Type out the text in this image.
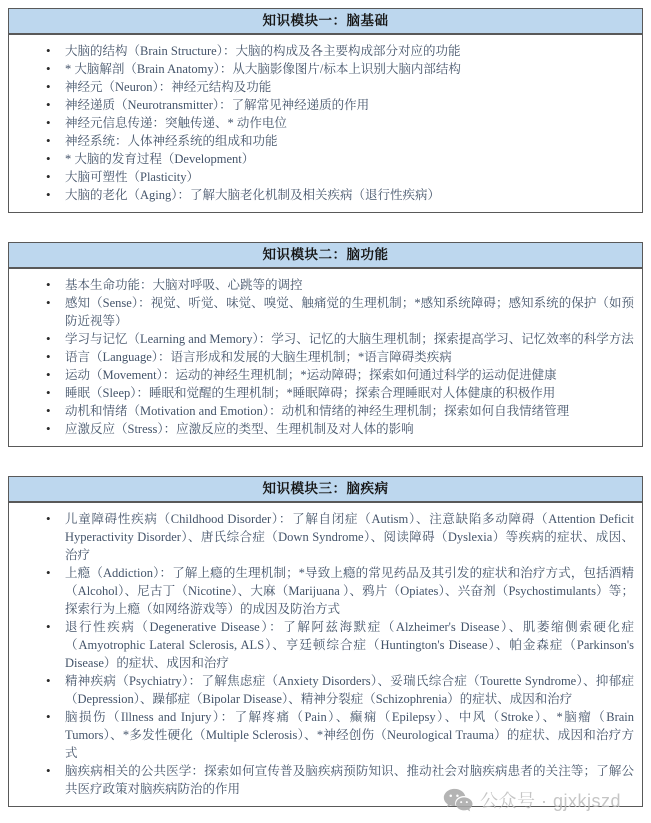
知识模块一：脑基础
• 大脑的结构（Brain Structure）：大脑的构成及各主要构成部分对应的功能
• * 大脑解剖（Brain Anatomy）：从大脑影像图片/标本上识别大脑内部结构
• 神经元（Neuron）：神经元结构及功能
• 神经递质（Neurotransmitter）：了解常见神经递质的作用
• 神经元信息传递：突触传递、* 动作电位
• 神经系统：人体神经系统的组成和功能
• * 大脑的发育过程（Development）
• 大脑可塑性（Plasticity）
• 大脑的老化（Aging）：了解大脑老化机制及相关疾病（退行性疾病）
知识模块二：脑功能
• 基本生命功能：大脑对呼吸、心跳等的调控
• 感知（Sense）：视觉、听觉、味觉、嗅觉、触痛觉的生理机制；*感知系统障碍；感知系统的保护（如预防近视等）
• 学习与记忆（Learning and Memory）：学习、记忆的大脑生理机制；探索提高学习、记忆效率的科学方法
• 语言（Language）：语言形成和发展的大脑生理机制；*语言障碍类疾病
• 运动（Movement）：运动的神经生理机制；*运动障碍；探索如何通过科学的运动促进健康
• 睡眠（Sleep）：睡眠和觉醒的生理机制；*睡眠障碍；探索合理睡眠对人体健康的积极作用
• 动机和情绪（Motivation and Emotion）：动机和情绪的神经生理机制；探索如何自我情绪管理
• 应激反应（Stress）：应激反应的类型、生理机制及对人体的影响
知识模块三：脑疾病
• 儿童障碍性疾病（Childhood Disorder）：了解自闭症（Autism）、注意缺陷多动障碍（Attention Deficit Hyperactivity Disorder）、唐氏综合症（Down Syndrome）、阅读障碍（Dyslexia）等疾病的症状、成因、治疗
• 上瘾（Addiction）：了解上瘾的生理机制；*导致上瘾的常见药品及其引发的症状和治疗方式，包括酒精（Alcohol）、尼古丁（Nicotine）、大麻（Marijuana ）、鸦片（Opiates）、兴奋剂（Psychostimulants）等；探索行为上瘾（如网络游戏等）的成因及防治方式
• 退行性疾病（Degenerative Disease）：了解阿兹海默症（Alzheimer's Disease）、肌萎缩侧索硬化症（Amyotrophic Lateral Sclerosis, ALS）、亨廷顿综合症（Huntington's Disease）、帕金森症（Parkinson's Disease）的症状、成因和治疗
• 精神疾病（Psychiatry）：了解焦虑症（Anxiety Disorders）、妥瑞氏综合症（Tourette Syndrome）、抑郁症（Depression）、躁郁症（Bipolar Disease）、精神分裂症（Schizophrenia）的症状、成因和治疗
• 脑损伤（Illness and Injury）：了解疼痛（Pain）、癫痫（Epilepsy）、中风（Stroke）、*脑瘤（Brain Tumors）、*多发性硬化（Multiple Sclerosis）、*神经创伤（Neurological Trauma）的症状、成因和治疗方式
• 脑疾病相关的公共医学：探索如何宣传普及脑疾病预防知识、推动社会对脑疾病患者的关注等；了解公共医疗政策对脑疾病防治的作用
公众号 · gjxkjszd
